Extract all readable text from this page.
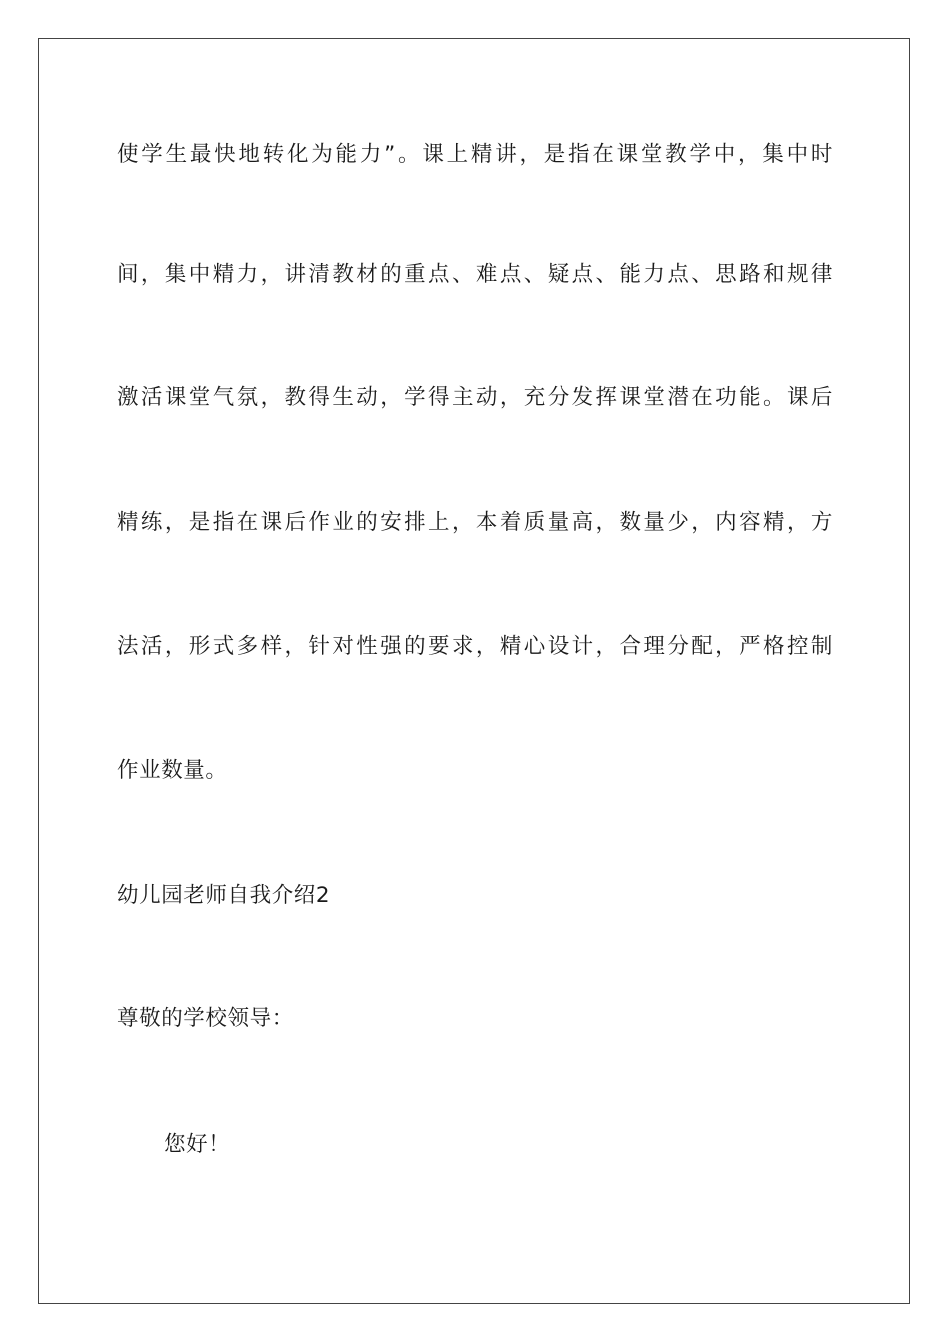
使学生最快地转化为能力”。课上精讲，是指在课堂教学中，集中时
间，集中精力，讲清教材的重点、难点、疑点、能力点、思路和规律
激活课堂气氛，教得生动，学得主动，充分发挥课堂潜在功能。课后
精练，是指在课后作业的安排上，本着质量高，数量少，内容精，方
法活，形式多样，针对性强的要求，精心设计，合理分配，严格控制
作业数量。
幼儿园老师自我介绍2
尊敬的学校领导：
您好！
